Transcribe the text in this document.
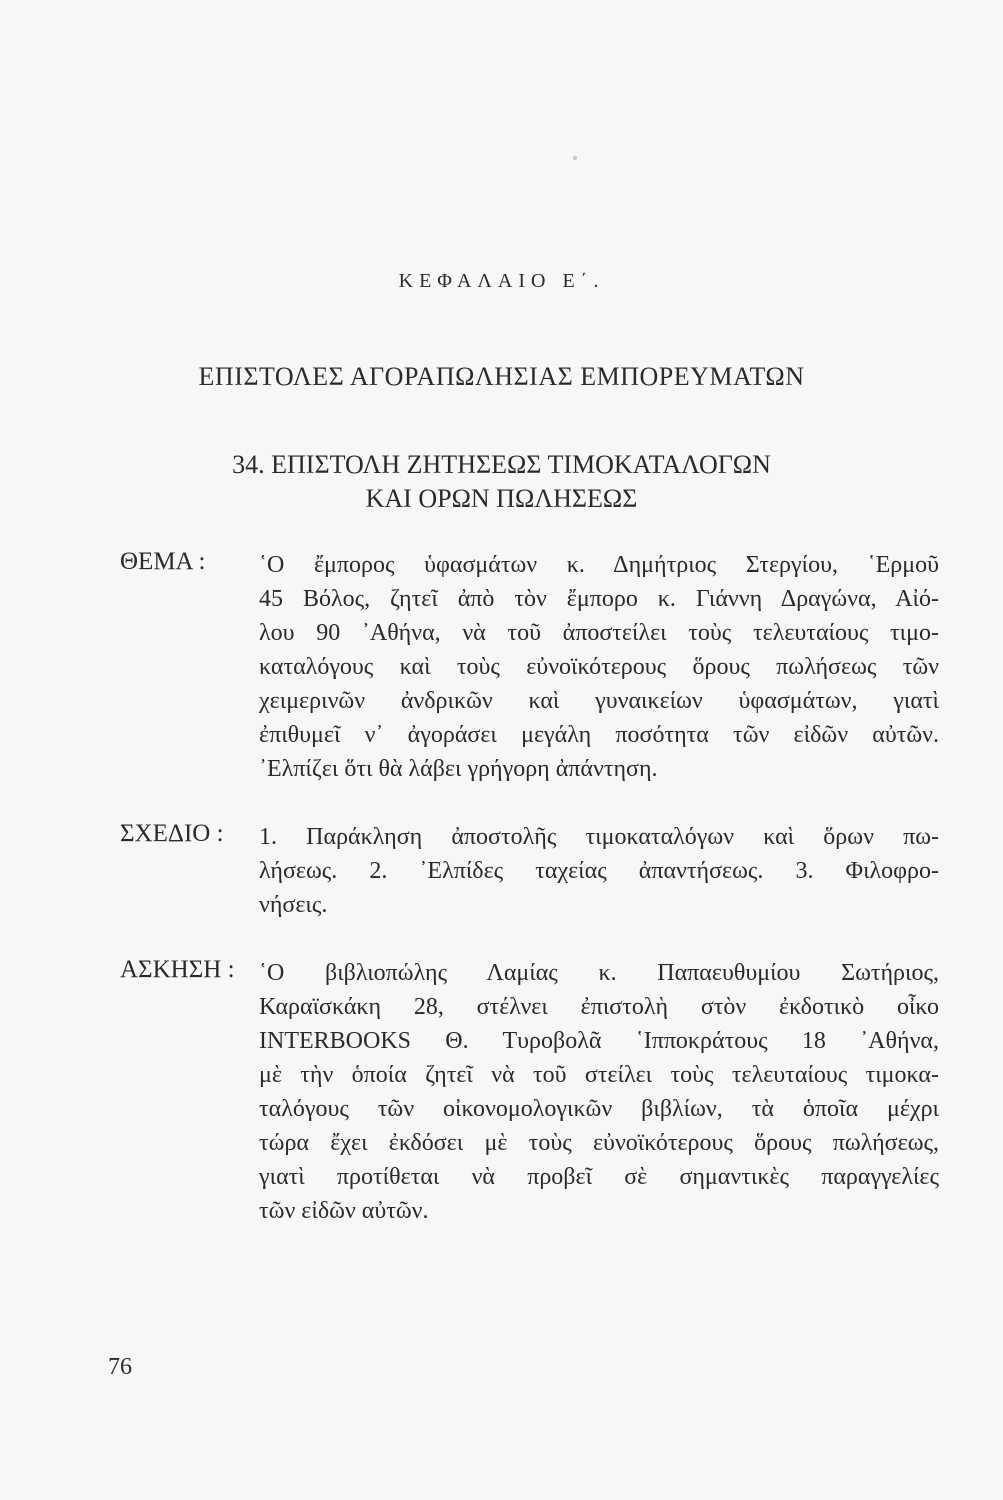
ΚΕΦΑΛΑΙΟ Ε΄.
ΕΠΙΣΤΟΛΕΣ ΑΓΟΡΑΠΩΛΗΣΙΑΣ ΕΜΠΟΡΕΥΜΑΤΩΝ
34. ΕΠΙΣΤΟΛΗ ΖΗΤΗΣΕΩΣ ΤΙΜΟΚΑΤΑΛΟΓΩΝ
ΚΑΙ ΟΡΩΝ ΠΩΛΗΣΕΩΣ
ΘΕΜΑ : ῾Ο ἔμπορος ὑφασμάτων κ. Δημήτριος Στεργίου, ῾Ερμοῦ
45 Βόλος, ζητεῖ ἀπὸ τὸν ἔμπορο κ. Γιάννη Δραγώνα, Αἰό-
λου 90 ᾿Αθήνα, νὰ τοῦ ἀποστείλει τοὺς τελευταίους τιμο-
καταλόγους καὶ τοὺς εὐνοϊκότερους ὅρους πωλήσεως τῶν
χειμερινῶν ἀνδρικῶν καὶ γυναικείων ὑφασμάτων, γιατὶ
ἐπιθυμεῖ ν᾿ ἀγοράσει μεγάλη ποσότητα τῶν εἰδῶν αὐτῶν.
᾿Ελπίζει ὅτι θὰ λάβει γρήγορη ἀπάντηση.
ΣΧΕΔΙΟ : 1. Παράκληση ἀποστολῆς τιμοκαταλόγων καὶ ὅρων πω-
λήσεως. 2. ᾿Ελπίδες ταχείας ἀπαντήσεως. 3. Φιλοφρο-
νήσεις.
ΑΣΚΗΣΗ : ῾Ο βιβλιοπώλης Λαμίας κ. Παπαευθυμίου Σωτήριος,
Καραϊσκάκη 28, στέλνει ἐπιστολὴ στὸν ἐκδοτικὸ οἶκο
INTERBOOKS Θ. Τυροβολᾶ ῾Ιπποκράτους 18 ᾿Αθήνα,
μὲ τὴν ὁποία ζητεῖ νὰ τοῦ στείλει τοὺς τελευταίους τιμοκα-
ταλόγους τῶν οἰκονομολογικῶν βιβλίων, τὰ ὁποῖα μέχρι
τώρα ἔχει ἐκδόσει μὲ τοὺς εὐνοϊκότερους ὅρους πωλήσεως,
γιατὶ προτίθεται νὰ προβεῖ σὲ σημαντικὲς παραγγελίες
τῶν εἰδῶν αὐτῶν.
76
